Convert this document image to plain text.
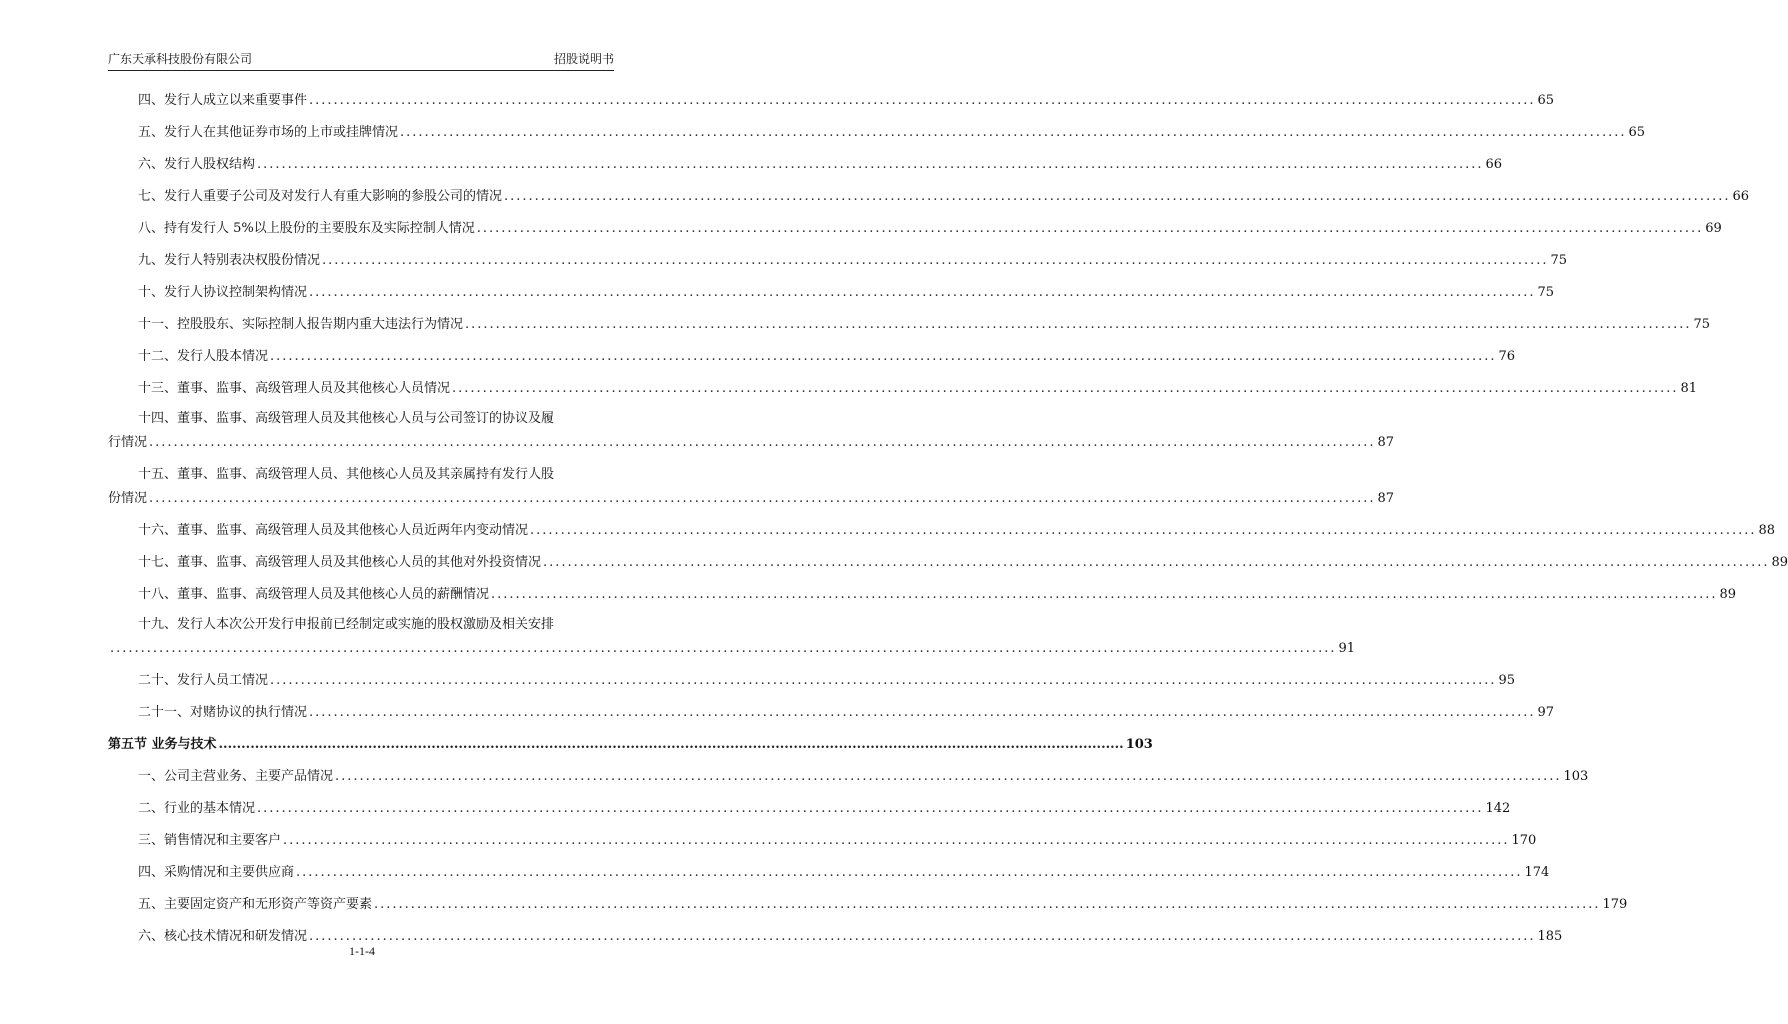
广东天承科技股份有限公司	招股说明书
四、发行人成立以来重要事件 ........................................................................................................................................................................................................ 65
五、发行人在其他证券市场的上市或挂牌情况 ........................................................................................................................................................................................................ 65
六、发行人股权结构 ........................................................................................................................................................................................................ 66
七、发行人重要子公司及对发行人有重大影响的参股公司的情况 ........................................................................................................................................................................................................ 66
八、持有发行人 5%以上股份的主要股东及实际控制人情况 ........................................................................................................................................................................................................ 69
九、发行人特别表决权股份情况 ........................................................................................................................................................................................................ 75
十、发行人协议控制架构情况 ........................................................................................................................................................................................................ 75
十一、控股股东、实际控制人报告期内重大违法行为情况 ........................................................................................................................................................................................................ 75
十二、发行人股本情况 ........................................................................................................................................................................................................ 76
十三、董事、监事、高级管理人员及其他核心人员情况 ........................................................................................................................................................................................................ 81
十四、董事、监事、高级管理人员及其他核心人员与公司签订的协议及履
行情况 ........................................................................................................................................................................................................ 87
十五、董事、监事、高级管理人员、其他核心人员及其亲属持有发行人股
份情况 ........................................................................................................................................................................................................ 87
十六、董事、监事、高级管理人员及其他核心人员近两年内变动情况 ........................................................................................................................................................................................................ 88
十七、董事、监事、高级管理人员及其他核心人员的其他对外投资情况 ........................................................................................................................................................................................................ 89
十八、董事、监事、高级管理人员及其他核心人员的薪酬情况 ........................................................................................................................................................................................................ 89
十九、发行人本次公开发行申报前已经制定或实施的股权激励及相关安排
........................................................................................................................................................................................................ 91
二十、发行人员工情况 ........................................................................................................................................................................................................ 95
二十一、对赌协议的执行情况 ........................................................................................................................................................................................................ 97
第五节 业务与技术 ........................................................................................................................................................................................................ 103
一、公司主营业务、主要产品情况 ........................................................................................................................................................................................................ 103
二、行业的基本情况 ........................................................................................................................................................................................................ 142
三、销售情况和主要客户 ........................................................................................................................................................................................................ 170
四、采购情况和主要供应商 ........................................................................................................................................................................................................ 174
五、主要固定资产和无形资产等资产要素 ........................................................................................................................................................................................................ 179
六、核心技术情况和研发情况 ........................................................................................................................................................................................................ 185
1-1-4
